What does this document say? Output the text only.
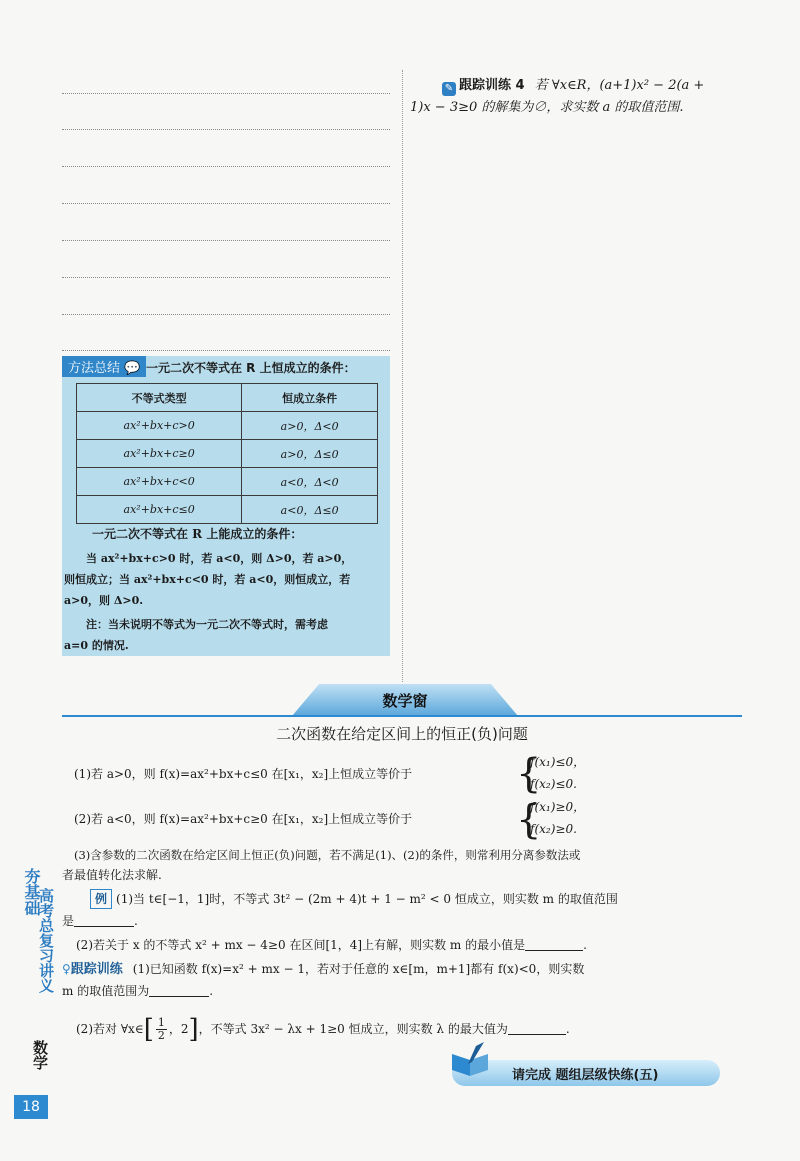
✎ 跟踪训练 4 若 ∀x∈R，(a+1)x² − 2(a +
1)x − 3≥0 的解集为∅，求实数 a 的取值范围.
方法总结 💬 一元二次不等式在 R 上恒成立的条件：
不等式类型	恒成立条件
ax²+bx+c>0	a>0，Δ<0
ax²+bx+c≥0	a>0，Δ≤0
ax²+bx+c<0	a<0，Δ<0
ax²+bx+c≤0	a<0，Δ≤0
一元二次不等式在 R 上能成立的条件：
当 ax²+bx+c>0 时，若 a<0，则 Δ>0，若 a>0，
则恒成立；当 ax²+bx+c<0 时，若 a<0，则恒成立，若
a>0，则 Δ>0.
注：当未说明不等式为一元二次不等式时，需考虑
a=0 的情况.
数学窗
二次函数在给定区间上的恒正(负)问题
(1)若 a>0，则 f(x)=ax²+bx+c≤0 在[x₁，x₂]上恒成立等价于	{
f(x₁)≤0，
f(x₂)≤0.
(2)若 a<0，则 f(x)=ax²+bx+c≥0 在[x₁，x₂]上恒成立等价于	{
f(x₁)≥0，
f(x₂)≥0.
(3)含参数的二次函数在给定区间上恒正(负)问题，若不满足(1)、(2)的条件，则常利用分离参数法或
者最值转化法求解.
例 (1)当 t∈[−1，1]时，不等式 3t² − (2m + 4)t + 1 − m² < 0 恒成立，则实数 m 的取值范围
是	.
(2)若关于 x 的不等式 x² + mx − 4≥0 在区间[1，4]上有解，则实数 m 的最小值是	.
♀跟踪训练 (1)已知函数 f(x)=x² + mx − 1，若对于任意的 x∈[m，m+1]都有 f(x)<0，则实数
m 的取值范围为	.
(2)若对 ∀x∈[ $\frac{1}{2}$ ，2]，不等式 3x² − λx + 1≥0 恒成立，则实数 λ 的最大值为	.
请完成 题组层级快练(五)
夯基础
高考总复习讲义
数学
18
